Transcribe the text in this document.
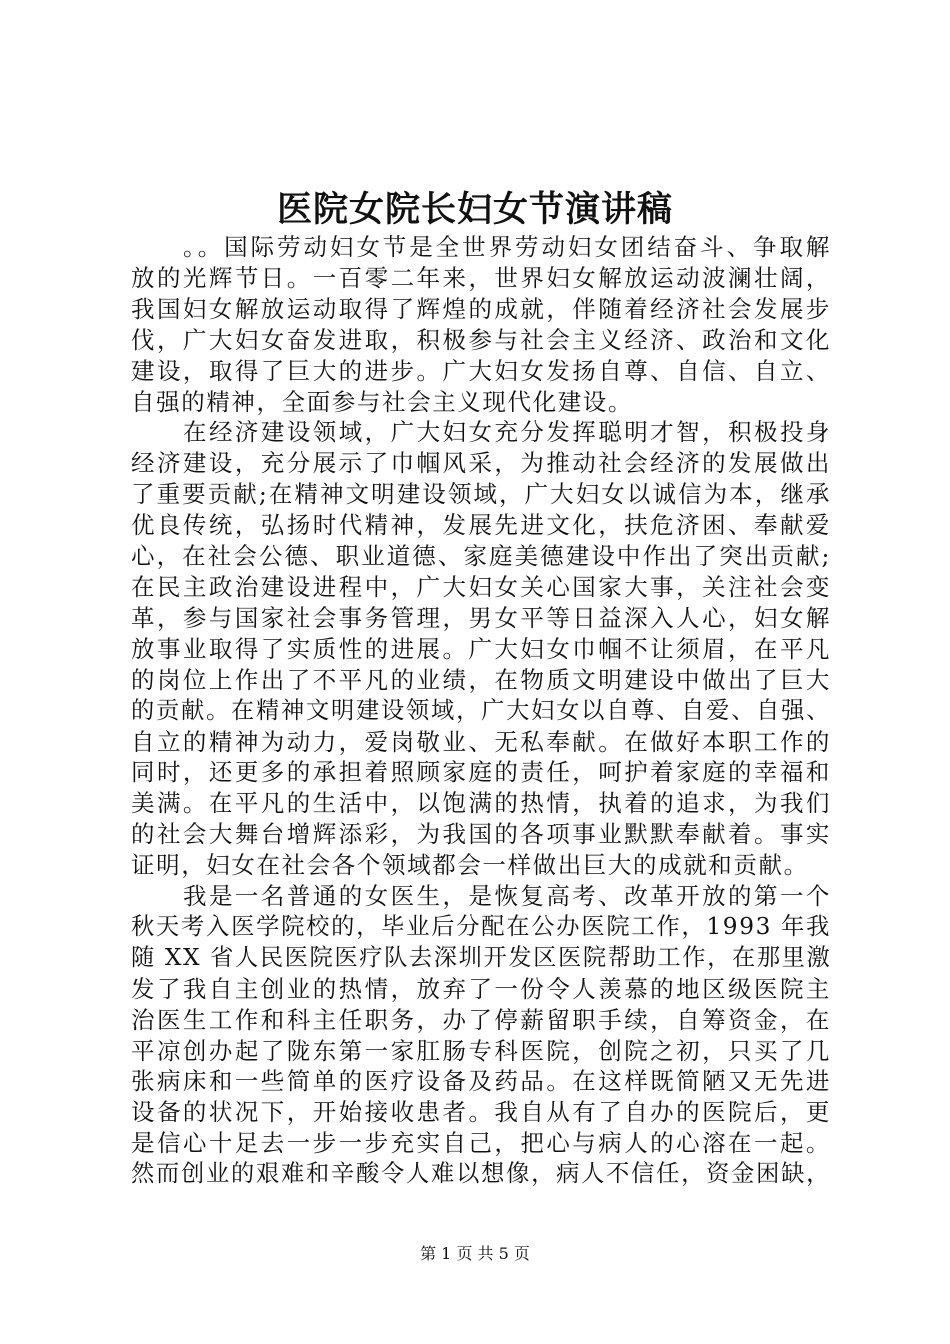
医院女院长妇女节演讲稿
。。国际劳动妇女节是全世界劳动妇女团结奋斗、争取解
放的光辉节日。一百零二年来，世界妇女解放运动波澜壮阔，
我国妇女解放运动取得了辉煌的成就，伴随着经济社会发展步
伐，广大妇女奋发进取，积极参与社会主义经济、政治和文化
建设，取得了巨大的进步。广大妇女发扬自尊、自信、自立、
自强的精神，全面参与社会主义现代化建设。
在经济建设领域，广大妇女充分发挥聪明才智，积极投身
经济建设，充分展示了巾帼风采，为推动社会经济的发展做出
了重要贡献;在精神文明建设领域，广大妇女以诚信为本，继承
优良传统，弘扬时代精神，发展先进文化，扶危济困、奉献爱
心，在社会公德、职业道德、家庭美德建设中作出了突出贡献;
在民主政治建设进程中，广大妇女关心国家大事，关注社会变
革，参与国家社会事务管理，男女平等日益深入人心，妇女解
放事业取得了实质性的进展。广大妇女巾帼不让须眉，在平凡
的岗位上作出了不平凡的业绩，在物质文明建设中做出了巨大
的贡献。在精神文明建设领域，广大妇女以自尊、自爱、自强、
自立的精神为动力，爱岗敬业、无私奉献。在做好本职工作的
同时，还更多的承担着照顾家庭的责任，呵护着家庭的幸福和
美满。在平凡的生活中，以饱满的热情，执着的追求，为我们
的社会大舞台增辉添彩，为我国的各项事业默默奉献着。事实
证明，妇女在社会各个领域都会一样做出巨大的成就和贡献。
我是一名普通的女医生，是恢复高考、改革开放的第一个
秋天考入医学院校的，毕业后分配在公办医院工作，1993 年我
随 XX 省人民医院医疗队去深圳开发区医院帮助工作，在那里激
发了我自主创业的热情，放弃了一份令人羡慕的地区级医院主
治医生工作和科主任职务，办了停薪留职手续，自筹资金，在
平凉创办起了陇东第一家肛肠专科医院，创院之初，只买了几
张病床和一些简单的医疗设备及药品。在这样既简陋又无先进
设备的状况下，开始接收患者。我自从有了自办的医院后，更
是信心十足去一步一步充实自己，把心与病人的心溶在一起。
然而创业的艰难和辛酸令人难以想像，病人不信任，资金困缺，
第 1 页 共 5 页
